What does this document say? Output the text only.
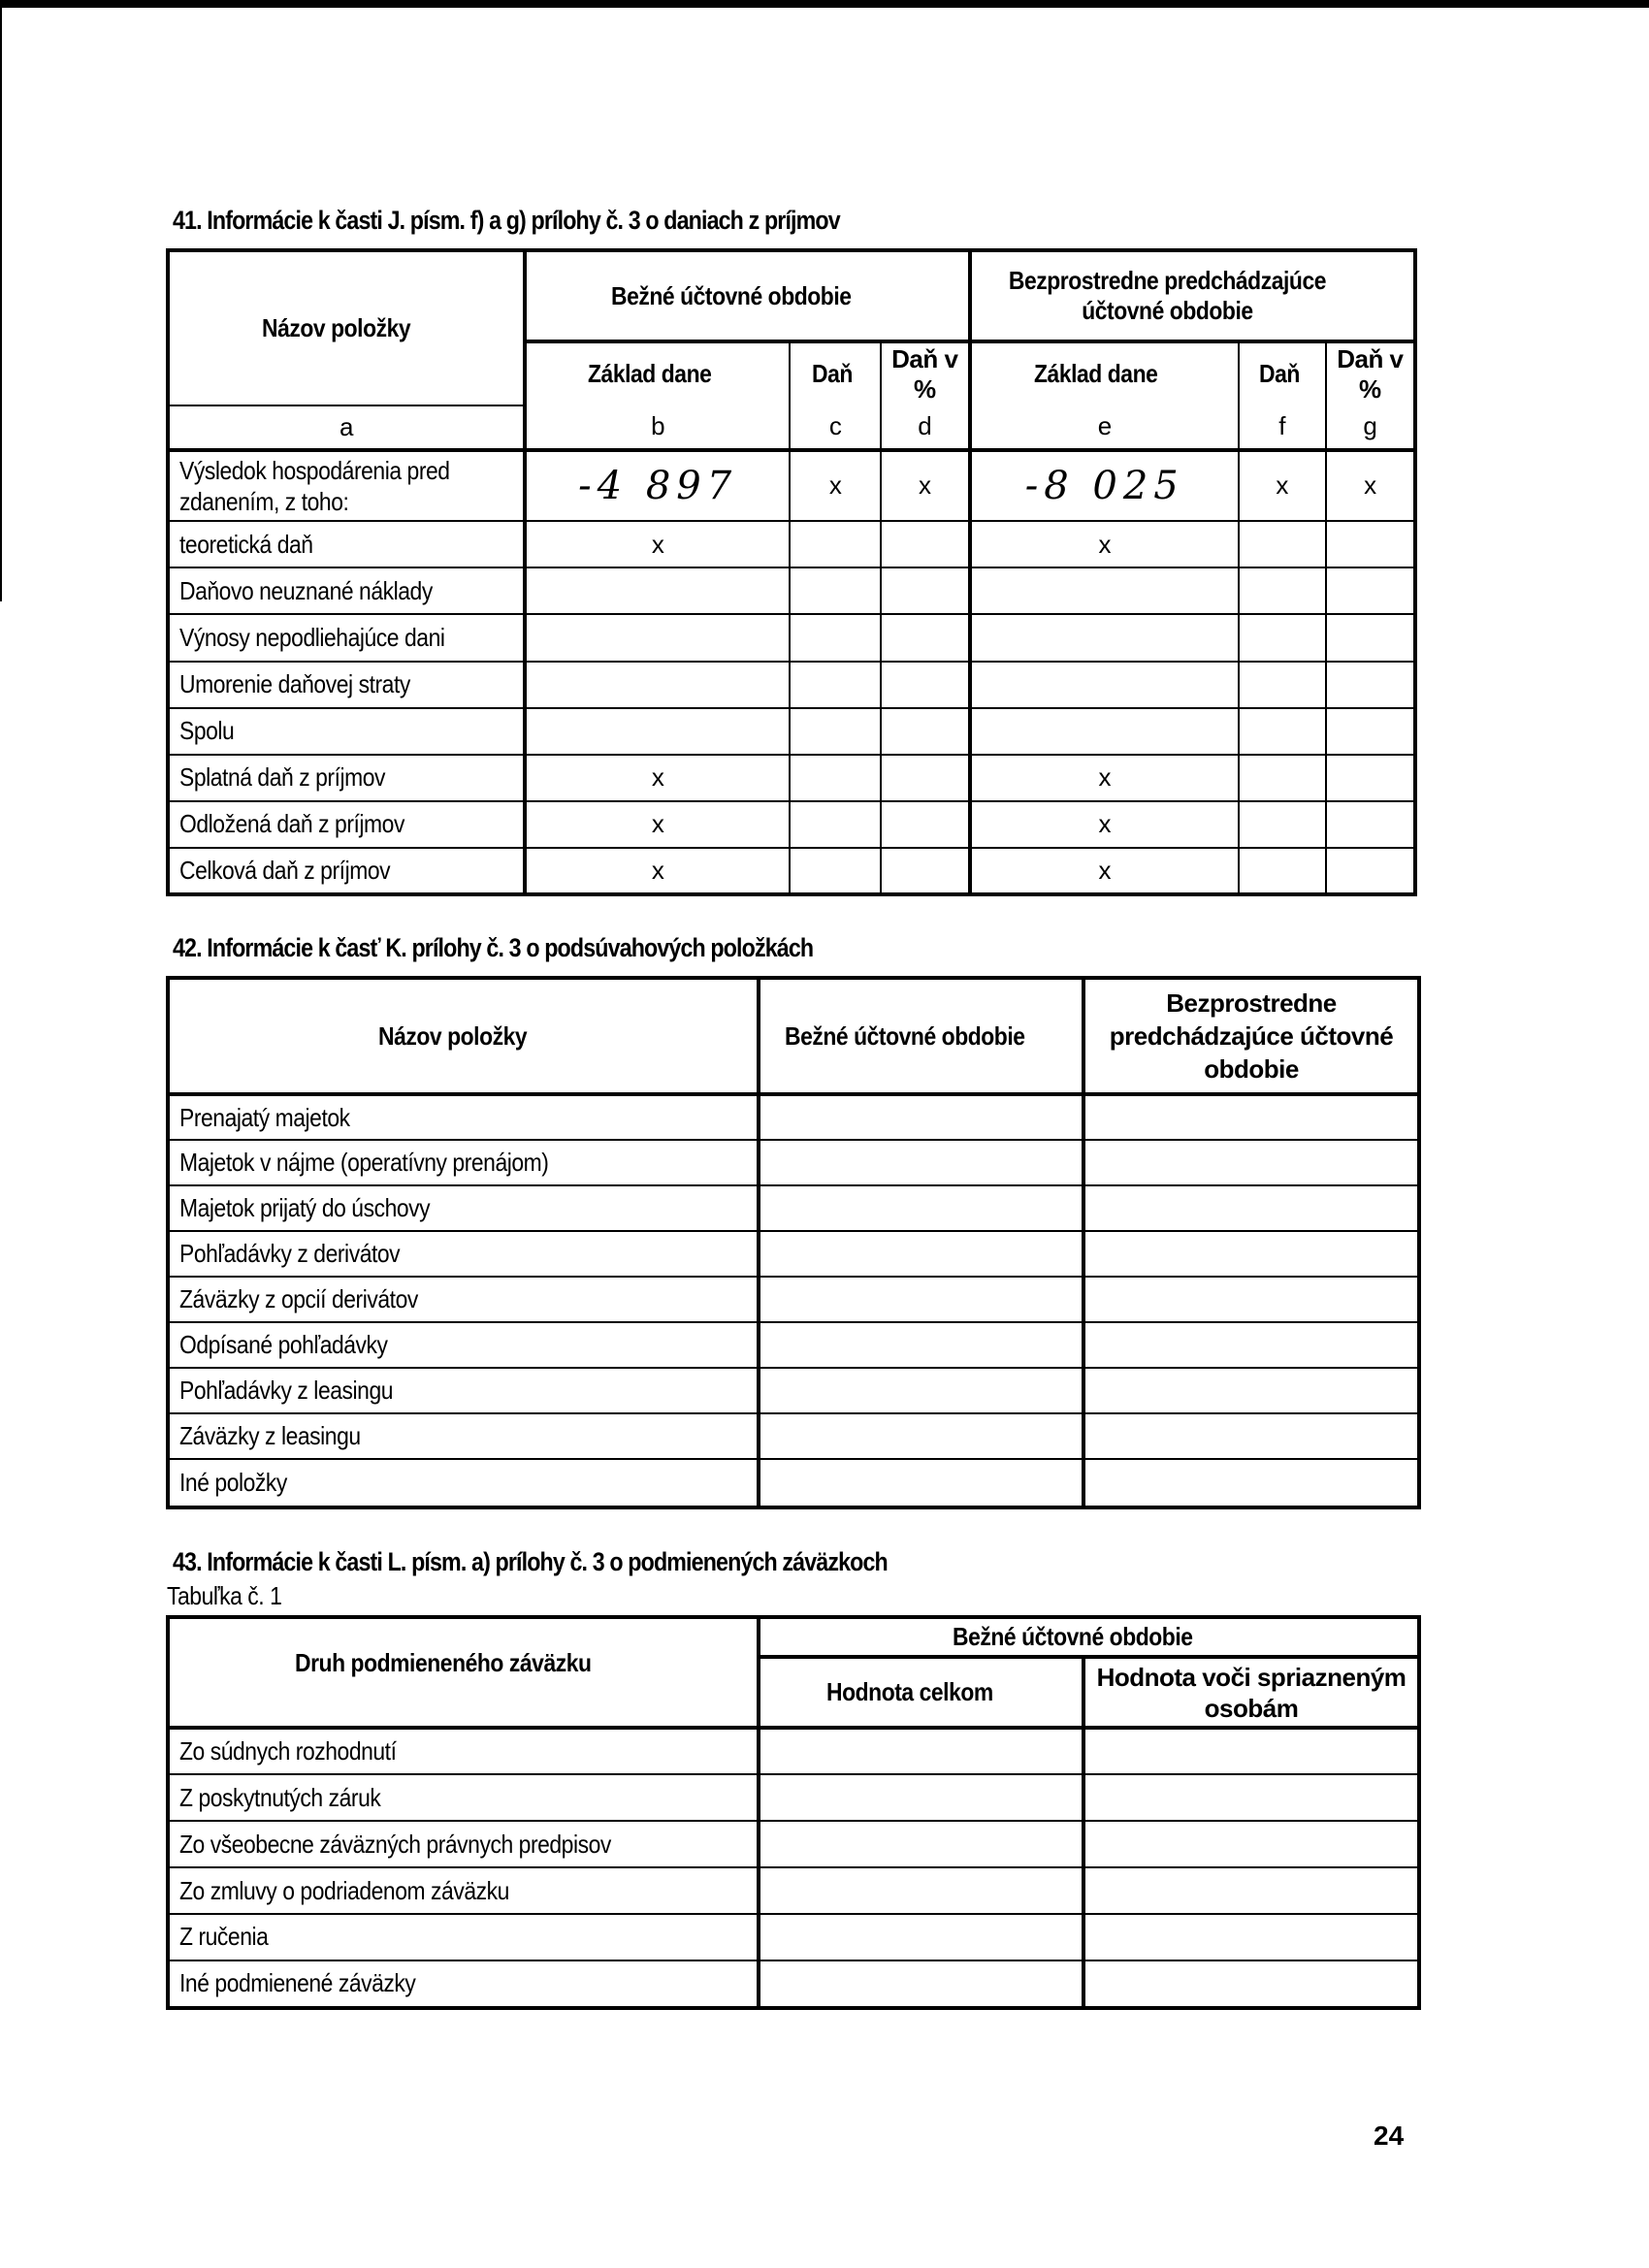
41. Informácie k časti J. písm. f) a g) prílohy č. 3 o daniach z príjmov
Názov položky	Bežné účtovné obdobie			Bezprostredne predchádzajúce účtovné obdobie		
	Základ dane	Daň	Daň v %	Základ dane	Daň	Daň v %
a	b	c	d	e	f	g

Výsledok hospodárenia pred zdanením, z toho:	-4 897	x	x	-8 025	x	x
teoretická daň	x			x		
Daňovo neuznané náklady						
Výnosy nepodliehajúce dani						
Umorenie daňovej straty						
Spolu						
Splatná daň z príjmov	x			x		
Odložená daň z príjmov	x			x		
Celková daň z príjmov	x			x		
42. Informácie k časť K. prílohy č. 3 o podsúvahových položkách
Názov položky	Bežné účtovné obdobie	Bezprostredne predchádzajúce účtovné obdobie
Prenajatý majetok		
Majetok v nájme (operatívny prenájom)		
Majetok prijatý do úschovy		
Pohľadávky z derivátov		
Záväzky z opcií derivátov		
Odpísané pohľadávky		
Pohľadávky z leasingu		
Záväzky z leasingu		
Iné položky		
43. Informácie k časti L. písm. a) prílohy č. 3 o podmienených záväzkoch
Tabuľka č. 1
Druh podmieneného záväzku	Bežné účtovné obdobie	
	Hodnota celkom	Hodnota voči spriazneným osobám
Zo súdnych rozhodnutí		
Z poskytnutých záruk		
Zo všeobecne záväzných právnych predpisov		
Zo zmluvy o podriadenom záväzku		
Z ručenia		
Iné podmienené záväzky		
24
